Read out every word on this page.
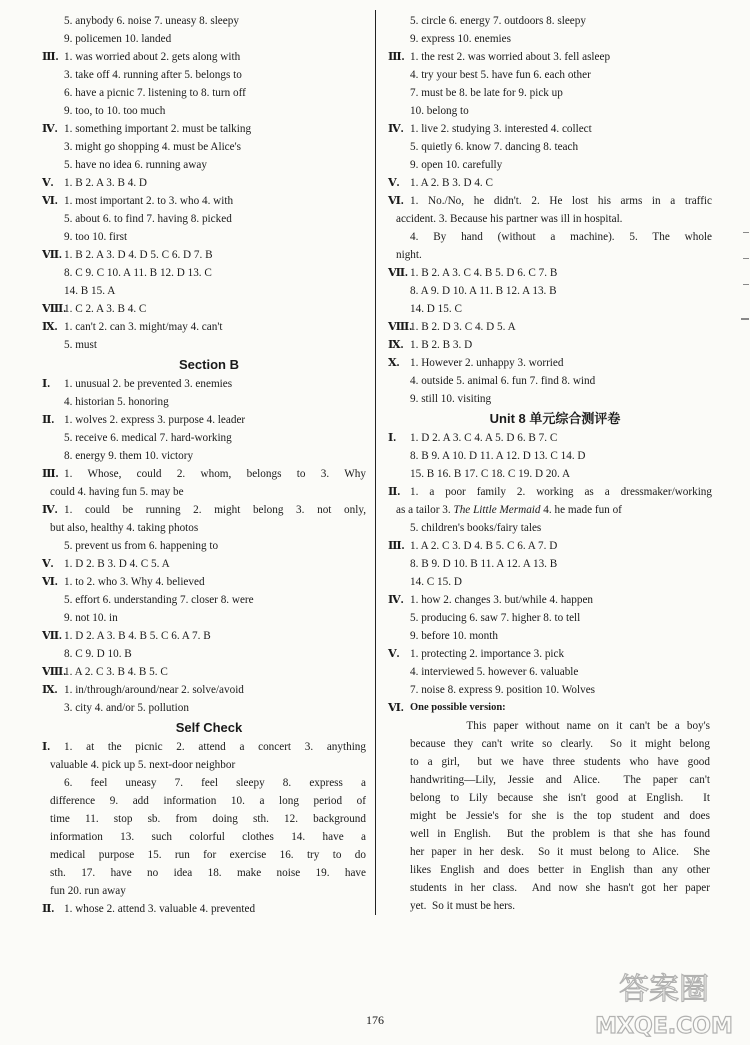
5. anybody 6. noise 7. uneasy 8. sleepy
9. policemen 10. landed
Ⅲ. 1. was worried about 2. gets along with
3. take off 4. running after 5. belongs to
6. have a picnic 7. listening to 8. turn off
9. too, to 10. too much
Ⅳ. 1. something important 2. must be talking
3. might go shopping 4. must be Alice's
5. have no idea 6. running away
Ⅴ. 1. B 2. A 3. B 4. D
Ⅵ. 1. most important 2. to 3. who 4. with
5. about 6. to find 7. having 8. picked
9. too 10. first
Ⅶ. 1. B 2. A 3. D 4. D 5. C 6. D 7. B
8. C 9. C 10. A 11. B 12. D 13. C
14. B 15. A
Ⅷ.
1. C 2. A 3. B 4. C
Ⅸ. 1. can't 2. can 3. might/may 4. can't
5. must
Section B
Ⅰ. 1. unusual 2. be prevented 3. enemies
4. historian 5. honoring
Ⅱ. 1. wolves 2. express 3. purpose 4. leader
5. receive 6. medical 7. hard-working
8. energy 9. them 10. victory
Ⅲ. 1. Whose, could 2. whom, belongs to 3. Why
could 4. having fun 5. may be
Ⅳ. 1. could be running 2. might belong 3. not only,
but also, healthy 4. taking photos
5. prevent us from 6. happening to
Ⅴ. 1. D 2. B 3. D 4. C 5. A
Ⅵ. 1. to 2. who 3. Why 4. believed
5. effort 6. understanding 7. closer 8. were
9. not 10. in
Ⅶ. 1. D 2. A 3. B 4. B 5. C 6. A 7. B
8. C 9. D 10. B
Ⅷ.
1. A 2. C 3. B 4. B 5. C
Ⅸ. 1. in/through/around/near 2. solve/avoid
3. city 4. and/or 5. pollution
Self Check
Ⅰ. 1. at the picnic 2. attend a concert 3. anything
valuable 4. pick up 5. next-door neighbor
6. feel uneasy 7. feel sleepy 8. express a
difference 9. add information 10. a long period of
time 11. stop sb. from doing sth. 12. background
information 13. such colorful clothes 14. have a
medical purpose 15. run for exercise 16. try to do
sth. 17. have no idea 18. make noise 19. have
fun 20. run away
Ⅱ. 1. whose 2. attend 3. valuable 4. prevented
5. circle 6. energy 7. outdoors 8. sleepy
9. express 10. enemies
Ⅲ. 1. the rest 2. was worried about 3. fell asleep
4. try your best 5. have fun 6. each other
7. must be 8. be late for 9. pick up
10. belong to
Ⅳ. 1. live 2. studying 3. interested 4. collect
5. quietly 6. know 7. dancing 8. teach
9. open 10. carefully
Ⅴ. 1. A 2. B 3. D 4. C
Ⅵ. 1. No./No, he didn't. 2. He lost his arms in a traffic
accident. 3. Because his partner was ill in hospital.
4. By hand (without a machine). 5. The whole
night.
Ⅶ. 1. B 2. A 3. C 4. B 5. D 6. C 7. B
8. A 9. D 10. A 11. B 12. A 13. B
14. D 15. C
Ⅷ.
1. B 2. D 3. C 4. D 5. A
Ⅸ. 1. B 2. B 3. D
Ⅹ. 1. However 2. unhappy 3. worried
4. outside 5. animal 6. fun 7. find 8. wind
9. still 10. visiting
Unit 8 单元综合测评卷
Ⅰ. 1. D 2. A 3. C 4. A 5. D 6. B 7. C
8. B 9. A 10. D 11. A 12. D 13. C 14. D
15. B 16. B 17. C 18. C 19. D 20. A
Ⅱ. 1. a poor family 2. working as a dressmaker/working
as a tailor 3. The Little Mermaid 4. he made fun of
5. children's books/fairy tales
Ⅲ. 1. A 2. C 3. D 4. B 5. C 6. A 7. D
8. B 9. D 10. B 11. A 12. A 13. B
14. C 15. D
Ⅳ. 1. how 2. changes 3. but/while 4. happen
5. producing 6. saw 7. higher 8. to tell
9. before 10. month
Ⅴ. 1. protecting 2. importance 3. pick
4. interviewed 5. however 6. valuable
7. noise 8. express 9. position 10. Wolves
Ⅵ. One possible version:
This paper without name on it can't be a boy's
because they can't write so clearly.  So it might belong
to a girl,  but we have three students who have good
handwriting—Lily, Jessie and Alice.  The paper can't
belong to Lily because she isn't good at English.  It
might be Jessie's for she is the top student and does
well in English.  But the problem is that she has found
her paper in her desk.  So it must belong to Alice.  She
likes English and does better in English than any other
students in her class.  And now she hasn't got her paper
yet.  So it must be hers.
176
答案圈
MXQE.COM
